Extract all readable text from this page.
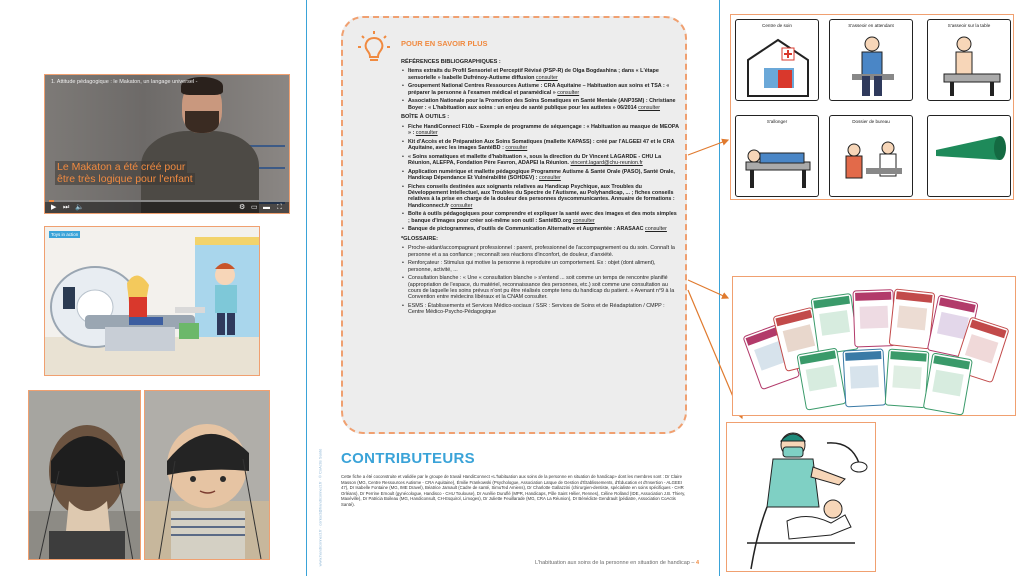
1. Attitude pédagogique : le Makaton, un langage universel -
Le Makaton a été créé pour
être très logique pour l'enfant
▶ ⏭ 🔈	⚙ ▭ ▬ ⛶
Toys in action
www.handiconnect.fr · contact@handiconnect.fr · © CoActis Santé
POUR EN SAVOIR PLUS
RÉFÉRENCES BIBLIOGRAPHIQUES :
• Items extraits du Profil Sensoriel et Perceptif Révisé (PSP-R) de Olga Bogdashina ; dans « L'étape sensorielle » Isabelle Dufrénoy-Autisme diffusion consulter
• Groupement National Centres Ressources Autisme : CRA Aquitaine – Habituation aux soins et TSA : « préparer la personne à l'examen médical et paramédical » consulter
• Association Nationale pour la Promotion des Soins Somatiques en Santé Mentale (ANP3SM) : Christiane Boyer : « L'habituation aux soins : un enjeu de santé publique pour les autistes » 06/2014 consulter
BOÎTE À OUTILS :
• Fiche HandiConnect F10b – Exemple de programme de séquençage : « Habituation au masque de MEOPA » : consulter
• Kit d'Accès et de Préparation Aux Soins Somatiques (mallette KAPASS) : créé par l'ALGEEI 47 et le CRA Aquitaine, avec les images SantéBD : consulter
• « Soins somatiques et mallette d'habituation », sous la direction du Dr Vincent LAGARDE - CHU La Réunion, ALEFPA, Fondation Père Favron, ADAPEI la Réunion. vincent.lagard@chu-reunion.fr
• Application numérique et mallette pédagogique Programme Autisme & Santé Orale (PASO), Santé Orale, Handicap Dépendance Et Vulnérabilité (SOHDEV) : consulter
• Fiches conseils destinées aux soignants relatives au Handicap Psychique, aux Troubles du Développement Intellectuel, aux Troubles du Spectre de l'Autisme, au Polyhandicap, ... ; fiches conseils relatives à la prise en charge de la douleur des personnes dyscommunicantes. Annuaire de formations : Handiconnect.fr consulter
• Boîte à outils pédagogiques pour comprendre et expliquer la santé avec des images et des mots simples ; banque d'images pour créer soi-même son outil : SantéBD.org consulter
• Banque de pictogrammes, d'outils de Communication Alternative et Augmentée : ARASAAC consulter
*GLOSSAIRE:
• Proche-aidant/accompagnant professionnel : parent, professionnel de l'accompagnement ou du soin. Connaît la personne et a sa confiance ; reconnaît ses réactions d'inconfort, de douleur, d'anxiété.
• Renforçateur : Stimulus qui motive la personne à reproduire un comportement. Ex : objet (dont aliment), personne, activité, ...
• Consultation blanche : « Une « consultation blanche » s'entend ... soit comme un temps de rencontre planifié (appropriation de l'espace, du matériel, reconnaissance des personnes, etc.) soit comme une consultation au cours de laquelle les soins prévus n'ont pu être réalisés compte tenu du handicap du patient. » Avenant n°9 à la Convention entre médecins libéraux et la CNAM consulter.
• ESMS : Établissements et Services Médico-sociaux / SSR : Services de Soins et de Réadaptation / CMPP : Centre Médico-Psycho-Pédagogique
CONTRIBUTEURS
Cette fiche a été coconstruite et validée par le groupe de travail HandiConnect «L'habituation aux soins de la personne en situation de handicap» dont les membres sont : Dr Claire Masson (MG, Centre Ressources Autisme - CRA Aquitaine), Émilie Frankowski (Psychologue, Association Laïque de Gestion d'Établissements, d'Éducation et d'Insertion - ALGEEI 47), Dr Isabelle Fontaine (MG, IME Dravel), Béatrice Jamault (Cadre de santé, SimuTed Amiens), Dr Charlotte Gallazzini (chirurgien-dentiste, spécialiste en soins spécifiques - CHR Orléans), Dr Perrine Ernoult (gynécologue, Handisco - CHU Toulouse), Dr Aurélie Duruflé (MPR, Handicaps, Pôle Saint Hélier, Rennes), Céline Rolland (IDE, Association J.B. Thiery, Maxéville), Dr Patricia Boileau (MG, Handiconsult, CH-Esquirol, Limoges), Dr Juliette Feuillarade (MG, CRA La Réunion), Dr Bénédicte Gendrault (pédiatre, Association CoActis Santé).
L'habituation aux soins de la personne en situation de handicap – 4
Centre de soin	S'asseoir en attendant	S'asseoir sur la table
S'allonger	Dossier de bureau
